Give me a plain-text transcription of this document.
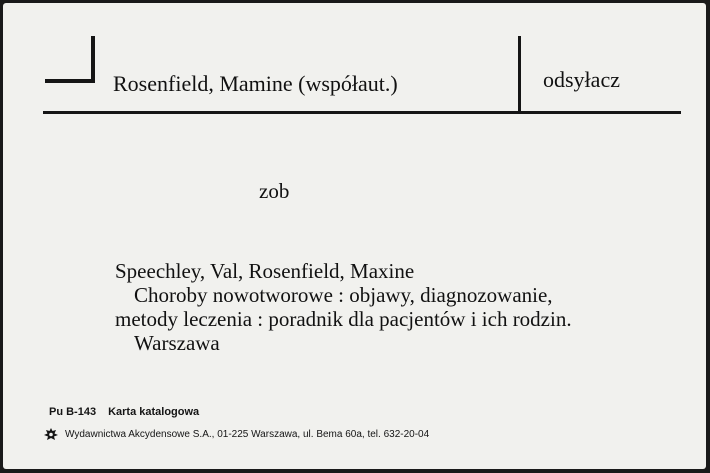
Rosenfield, Mamine (współaut.)	odsyłacz
zob
Speechley, Val, Rosenfield, Maxine
Choroby nowotworowe : objawy, diagnozowanie,
metody leczenia : poradnik dla pacjentów i ich rodzin.
Warszawa
Pu B-143 Karta katalogowa
Wydawnictwa Akcydensowe S.A., 01-225 Warszawa, ul. Bema 60a, tel. 632-20-04
